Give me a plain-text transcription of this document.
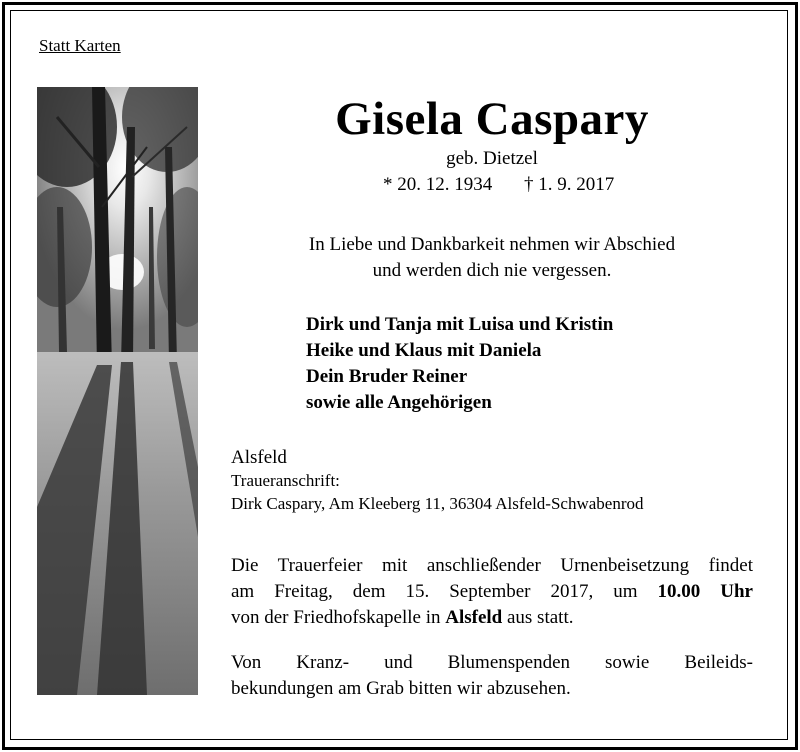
Statt Karten
Gisela Caspary
geb. Dietzel
* 20. 12. 1934 † 1. 9. 2017
In Liebe und Dankbarkeit nehmen wir Abschied
und werden dich nie vergessen.
Dirk und Tanja mit Luisa und Kristin
Heike und Klaus mit Daniela
Dein Bruder Reiner
sowie alle Angehörigen
Alsfeld
Traueranschrift:
Dirk Caspary, Am Kleeberg 11, 36304 Alsfeld-Schwabenrod
Die Trauerfeier mit anschließender Urnenbeisetzung findet
am Freitag, dem 15. September 2017, um 10.00 Uhr
von der Friedhofskapelle in Alsfeld aus statt.
Von Kranz- und Blumenspenden sowie Beileids-
bekundungen am Grab bitten wir abzusehen.
